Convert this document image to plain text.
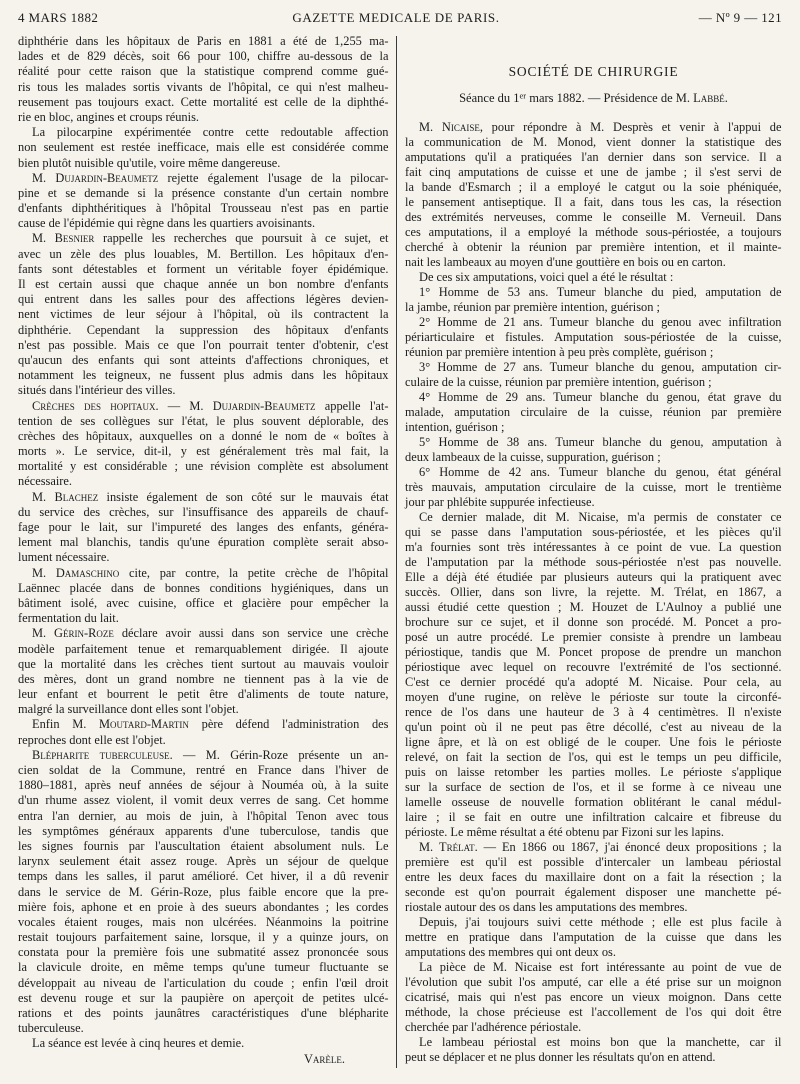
4 MARS 1882	GAZETTE MEDICALE DE PARIS.	— Nº 9 — 121
diphthérie dans les hôpitaux de Paris en 1881 a été de 1,255 ma-
lades et de 829 décès, soit 66 pour 100, chiffre au-dessous de la
réalité pour cette raison que la statistique comprend comme gué-
ris tous les malades sortis vivants de l'hôpital, ce qui n'est malheu-
reusement pas toujours exact. Cette mortalité est celle de la diphthé-
rie en bloc, angines et croups réunis.
La pilocarpine expérimentée contre cette redoutable affection
non seulement est restée inefficace, mais elle est considérée comme
bien plutôt nuisible qu'utile, voire même dangereuse.
M. Dujardin-Beaumetz rejette également l'usage de la pilocar-
pine et se demande si la présence constante d'un certain nombre
d'enfants diphthéritiques à l'hôpital Trousseau n'est pas en partie
cause de l'épidémie qui règne dans les quartiers avoisinants.
M. Besnier rappelle les recherches que poursuit à ce sujet, et
avec un zèle des plus louables, M. Bertillon. Les hôpitaux d'en-
fants sont détestables et forment un véritable foyer épidémique.
Il est certain aussi que chaque année un bon nombre d'enfants
qui entrent dans les salles pour des affections légères devien-
nent victimes de leur séjour à l'hôpital, où ils contractent la
diphthérie. Cependant la suppression des hôpitaux d'enfants
n'est pas possible. Mais ce que l'on pourrait tenter d'obtenir, c'est
qu'aucun des enfants qui sont atteints d'affections chroniques, et
notamment les teigneux, ne fussent plus admis dans les hôpitaux
situés dans l'intérieur des villes.
Crèches des hopitaux. — M. Dujardin-Beaumetz appelle l'at-
tention de ses collègues sur l'état, le plus souvent déplorable, des
crèches des hôpitaux, auxquelles on a donné le nom de « boîtes à
morts ». Le service, dit-il, y est généralement très mal fait, la
mortalité y est considérable ; une révision complète est absolument
nécessaire.
M. Blachez insiste également de son côté sur le mauvais état
du service des crèches, sur l'insuffisance des appareils de chauf-
fage pour le lait, sur l'impureté des langes des enfants, généra-
lement mal blanchis, tandis qu'une épuration complète serait abso-
lument nécessaire.
M. Damaschino cite, par contre, la petite crèche de l'hôpital
Laënnec placée dans de bonnes conditions hygiéniques, dans un
bâtiment isolé, avec cuisine, office et glacière pour empêcher la
fermentation du lait.
M. Gérin-Roze déclare avoir aussi dans son service une crèche
modèle parfaitement tenue et remarquablement dirigée. Il ajoute
que la mortalité dans les crèches tient surtout au mauvais vouloir
des mères, dont un grand nombre ne tiennent pas à la vie de
leur enfant et bourrent le petit être d'aliments de toute nature,
malgré la surveillance dont elles sont l'objet.
Enfin M. Moutard-Martin père défend l'administration des
reproches dont elle est l'objet.
Blépharite tuberculeuse. — M. Gérin-Roze présente un an-
cien soldat de la Commune, rentré en France dans l'hiver de
1880–1881, après neuf années de séjour à Nouméa où, à la suite
d'un rhume assez violent, il vomit deux verres de sang. Cet homme
entra l'an dernier, au mois de juin, à l'hôpital Tenon avec tous
les symptômes généraux apparents d'une tuberculose, tandis que
les signes fournis par l'auscultation étaient absolument nuls. Le
larynx seulement était assez rouge. Après un séjour de quelque
temps dans les salles, il parut amélioré. Cet hiver, il a dû revenir
dans le service de M. Gérin-Roze, plus faible encore que la pre-
mière fois, aphone et en proie à des sueurs abondantes ; les cordes
vocales étaient rouges, mais non ulcérées. Néanmoins la poitrine
restait toujours parfaitement saine, lorsque, il y a quinze jours, on
constata pour la première fois une submatité assez prononcée sous
la clavicule droite, en même temps qu'une tumeur fluctuante se
développait au niveau de l'articulation du coude ; enfin l'œil droit
est devenu rouge et sur la paupière on aperçoit de petites ulcé-
rations et des points jaunâtres caractéristiques d'une blépharite
tuberculeuse.
La séance est levée à cinq heures et demie.
Varèle.
SOCIÉTÉ DE CHIRURGIE
Séance du 1er mars 1882. — Présidence de M. Labbé.
M. Nicaise, pour répondre à M. Desprès et venir à l'appui de
la communication de M. Monod, vient donner la statistique des
amputations qu'il a pratiquées l'an dernier dans son service. Il a
fait cinq amputations de cuisse et une de jambe ; il s'est servi de
la bande d'Esmarch ; il a employé le catgut ou la soie phéniquée,
le pansement antiseptique. Il a fait, dans tous les cas, la résection
des extrémités nerveuses, comme le conseille M. Verneuil. Dans
ces amputations, il a employé la méthode sous-périostée, a toujours
cherché à obtenir la réunion par première intention, et il mainte-
nait les lambeaux au moyen d'une gouttière en bois ou en carton.
De ces six amputations, voici quel a été le résultat :
1° Homme de 53 ans. Tumeur blanche du pied, amputation de
la jambe, réunion par première intention, guérison ;
2° Homme de 21 ans. Tumeur blanche du genou avec infiltration
périarticulaire et fistules. Amputation sous-périostée de la cuisse,
réunion par première intention à peu près complète, guérison ;
3° Homme de 27 ans. Tumeur blanche du genou, amputation cir-
culaire de la cuisse, réunion par première intention, guérison ;
4° Homme de 29 ans. Tumeur blanche du genou, état grave du
malade, amputation circulaire de la cuisse, réunion par première
intention, guérison ;
5° Homme de 38 ans. Tumeur blanche du genou, amputation à
deux lambeaux de la cuisse, suppuration, guérison ;
6° Homme de 42 ans. Tumeur blanche du genou, état général
très mauvais, amputation circulaire de la cuisse, mort le trentième
jour par phlébite suppurée infectieuse.
Ce dernier malade, dit M. Nicaise, m'a permis de constater ce
qui se passe dans l'amputation sous-périostée, et les pièces qu'il
m'a fournies sont très intéressantes à ce point de vue. La question
de l'amputation par la méthode sous-périostée n'est pas nouvelle.
Elle a déjà été étudiée par plusieurs auteurs qui la pratiquent avec
succès. Ollier, dans son livre, la rejette. M. Trélat, en 1867, a
aussi étudié cette question ; M. Houzet de L'Aulnoy a publié une
brochure sur ce sujet, et il donne son procédé. M. Poncet a pro-
posé un autre procédé. Le premier consiste à prendre un lambeau
périostique, tandis que M. Poncet propose de prendre un manchon
périostique avec lequel on recouvre l'extrémité de l'os sectionné.
C'est ce dernier procédé qu'a adopté M. Nicaise. Pour cela, au
moyen d'une rugine, on relève le périoste sur toute la circonfé-
rence de l'os dans une hauteur de 3 à 4 centimètres. Il n'existe
qu'un point où il ne peut pas être décollé, c'est au niveau de la
ligne âpre, et là on est obligé de le couper. Une fois le périoste
relevé, on fait la section de l'os, qui est le temps un peu difficile,
puis on laisse retomber les parties molles. Le périoste s'applique
sur la surface de section de l'os, et il se forme à ce niveau une
lamelle osseuse de nouvelle formation oblitérant le canal médul-
laire ; il se fait en outre une infiltration calcaire et fibreuse du
périoste. Le même résultat a été obtenu par Fizoni sur les lapins.
M. Trélat. — En 1866 ou 1867, j'ai énoncé deux propositions ; la
première est qu'il est possible d'intercaler un lambeau périostal
entre les deux faces du maxillaire dont on a fait la résection ; la
seconde est qu'on pourrait également disposer une manchette pé-
riostale autour des os dans les amputations des membres.
Depuis, j'ai toujours suivi cette méthode ; elle est plus facile à
mettre en pratique dans l'amputation de la cuisse que dans les
amputations des membres qui ont deux os.
La pièce de M. Nicaise est fort intéressante au point de vue de
l'évolution que subit l'os amputé, car elle a été prise sur un moignon
cicatrisé, mais qui n'est pas encore un vieux moignon. Dans cette
méthode, la chose précieuse est l'accollement de l'os qui doit être
cherchée par l'adhérence périostale.
Le lambeau périostal est moins bon que la manchette, car il
peut se déplacer et ne plus donner les résultats qu'on en attend.
